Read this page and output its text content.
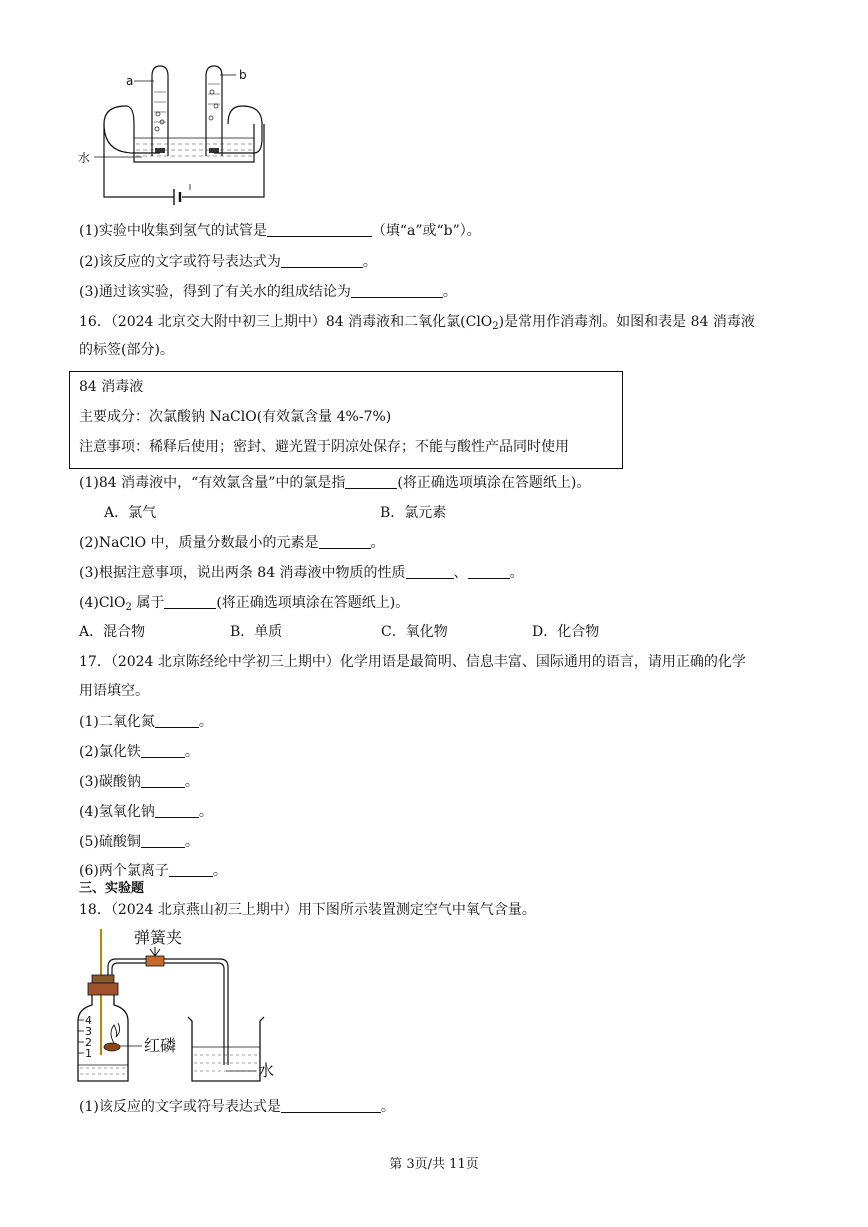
a	b
水
(1)实验中收集到氢气的试管是	（填“a”或“b”）。
(2)该反应的文字或符号表达式为	。
(3)通过该实验，得到了有关水的组成结论为	。
16．（2024 北京交大附中初三上期中）84 消毒液和二氧化氯(ClO$_2$)是常用作消毒剂。如图和表是 84 消毒液
的标签(部分)。
84 消毒液
主要成分：次氯酸钠 NaClO(有效氯含量 4%-7%)
注意事项：稀释后使用；密封、避光置于阴凉处保存；不能与酸性产品同时使用
(1)84 消毒液中，“有效氯含量”中的氯是指	(将正确选项填涂在答题纸上)。
A．氯气	B．氯元素
(2)NaClO 中，质量分数最小的元素是	。
(3)根据注意事项，说出两条 84 消毒液中物质的性质	、	。
(4)ClO$_2$ 属于	(将正确选项填涂在答题纸上)。
A．混合物	B．单质	C．氧化物	D．化合物
17．（2024 北京陈经纶中学初三上期中）化学用语是最简明、信息丰富、国际通用的语言，请用正确的化学
用语填空。
(1)二氧化氮	。
(2)氯化铁	。
(3)碳酸钠	。
(4)氢氧化钠	。
(5)硫酸铜	。
(6)两个氯离子	。
三、实验题
18．（2024 北京燕山初三上期中）用下图所示装置测定空气中氧气含量。
4
3
2
1
弹簧夹
红磷
水
(1)该反应的文字或符号表达式是	。
第 3页/共 11页
